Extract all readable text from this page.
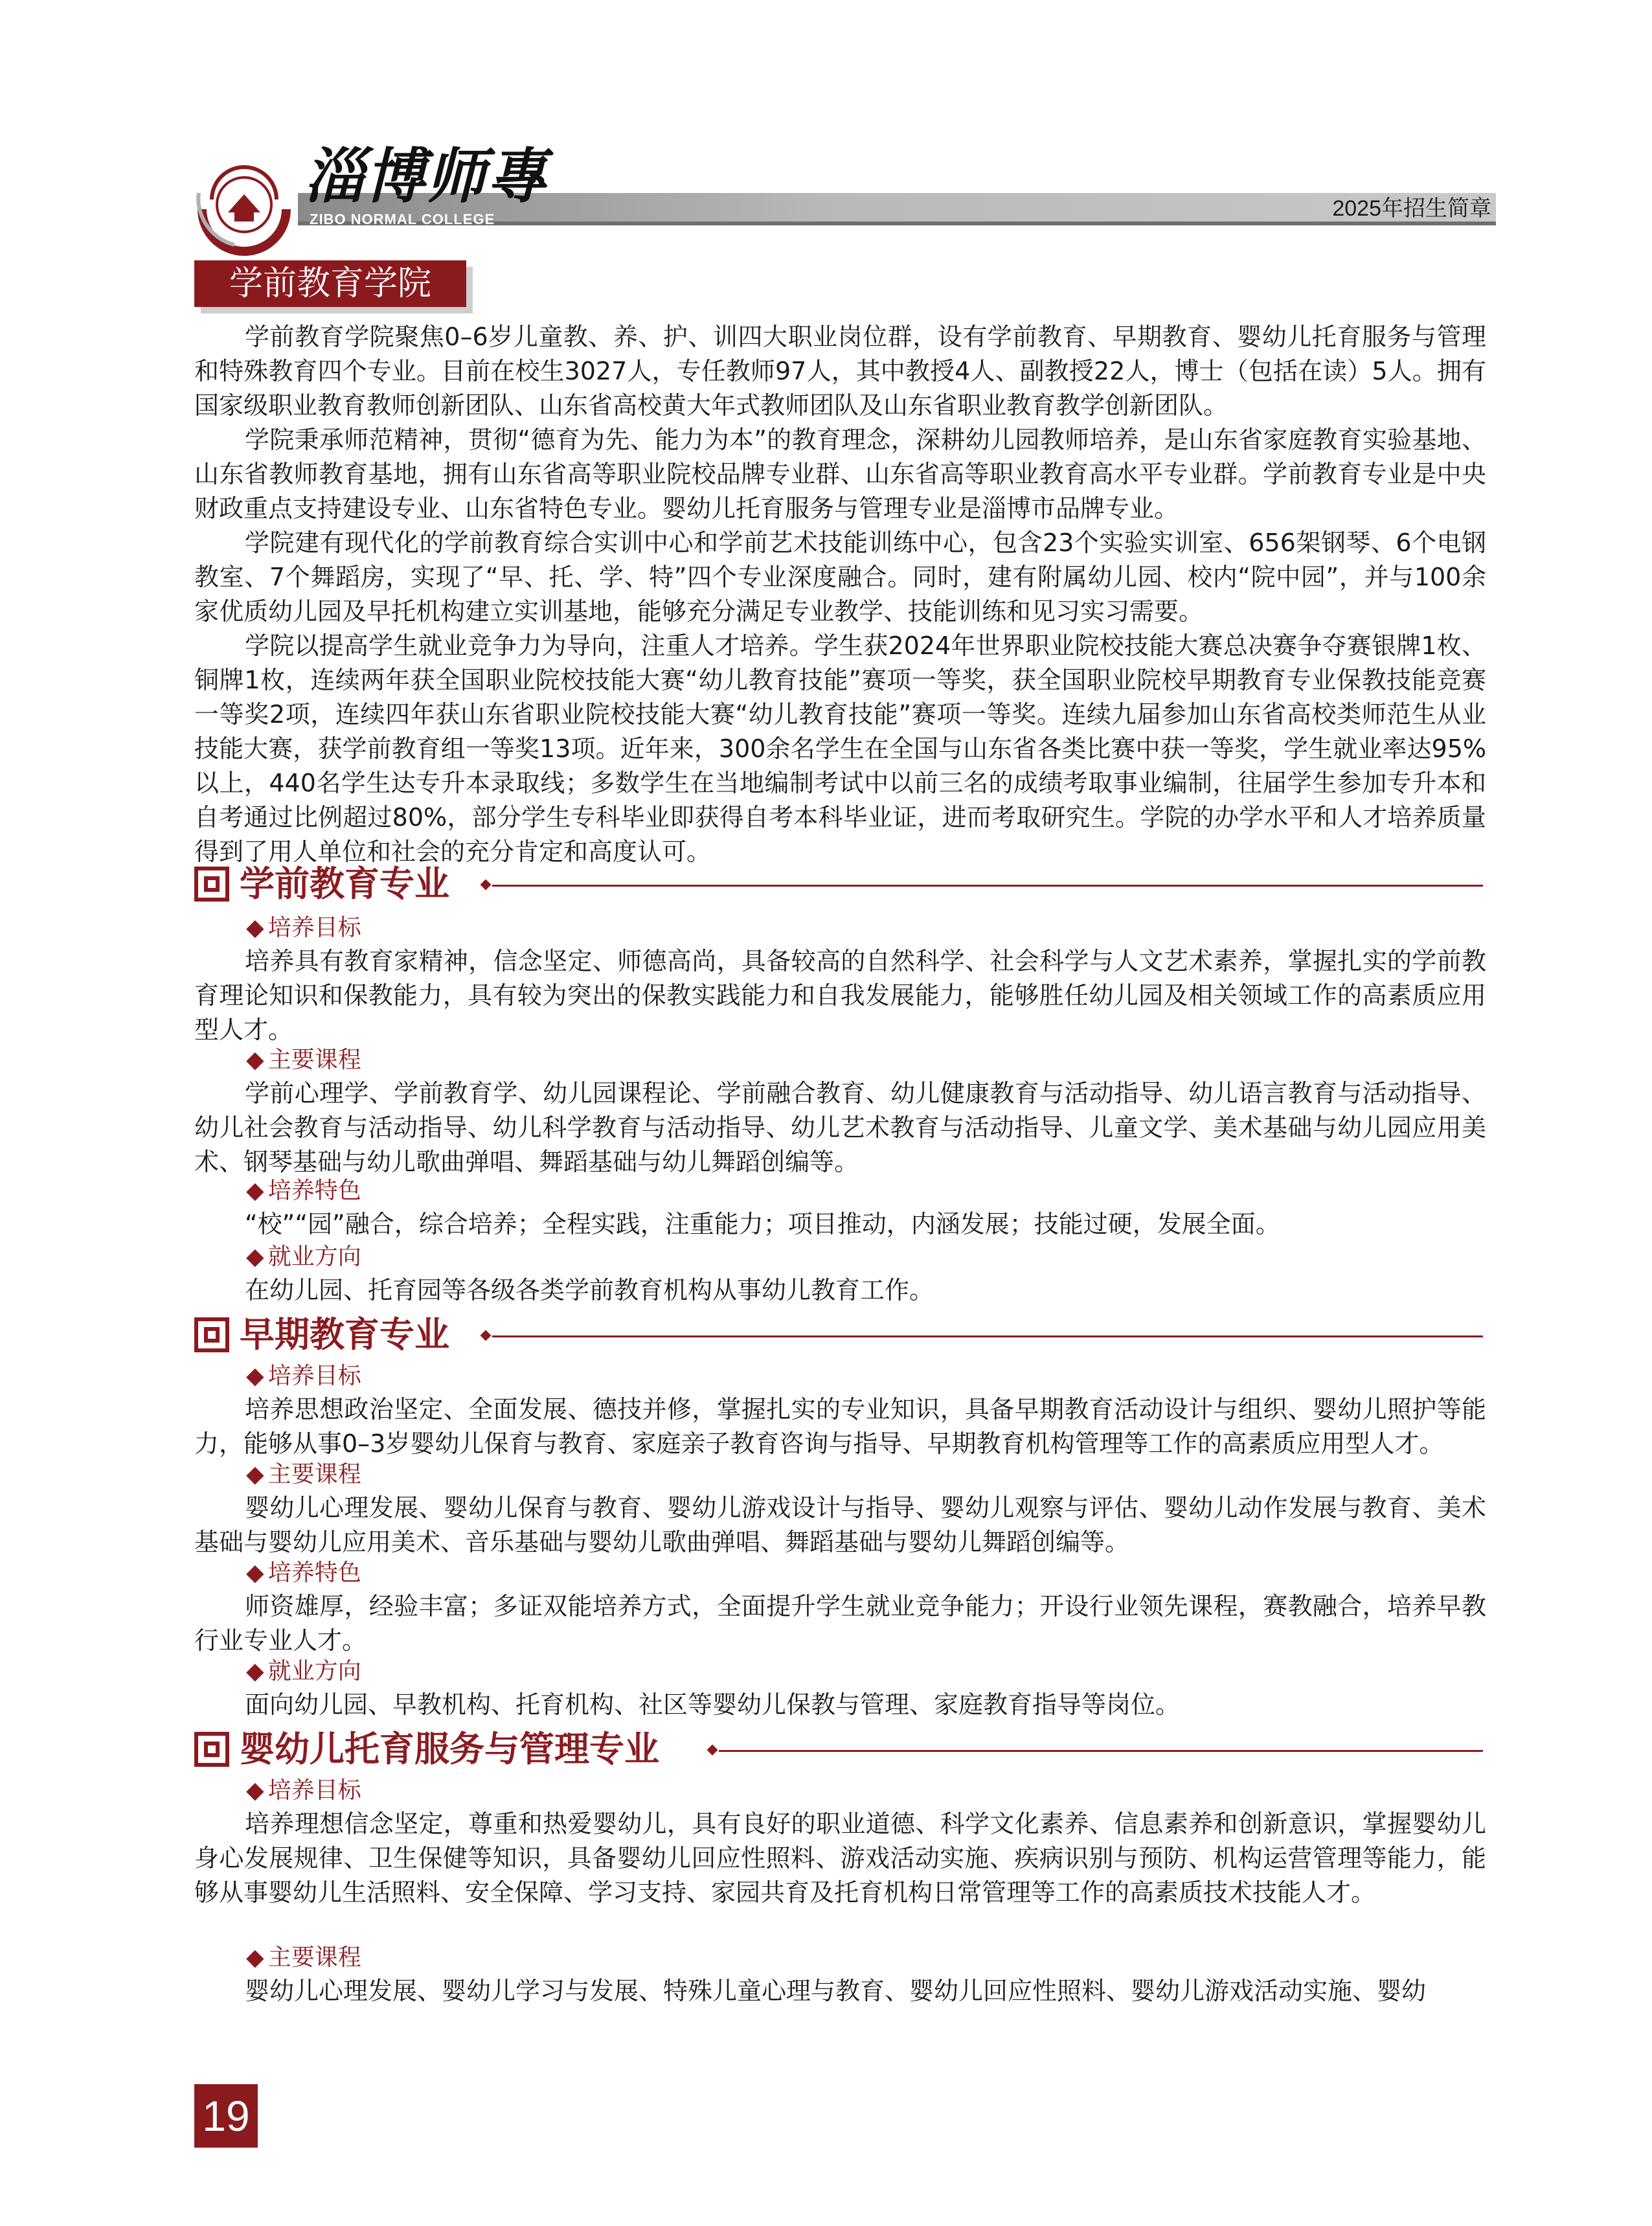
淄博师專
ZIBO NORMAL COLLEGE	2025年招生简章
学前教育学院

学前教育学院聚焦0–6岁儿童教、养、护、训四大职业岗位群，设有学前教育、早期教育、婴幼儿托育服务与管理和特殊教育四个专业。目前在校生3027人，专任教师97人，其中教授4人、副教授22人，博士（包括在读）5人。拥有国家级职业教育教师创新团队、山东省高校黄大年式教师团队及山东省职业教育教学创新团队。

学院秉承师范精神，贯彻“德育为先、能力为本”的教育理念，深耕幼儿园教师培养，是山东省家庭教育实验基地、山东省教师教育基地，拥有山东省高等职业院校品牌专业群、山东省高等职业教育高水平专业群。学前教育专业是中央财政重点支持建设专业、山东省特色专业。婴幼儿托育服务与管理专业是淄博市品牌专业。

学院建有现代化的学前教育综合实训中心和学前艺术技能训练中心，包含23个实验实训室、656架钢琴、6个电钢教室、7个舞蹈房，实现了“早、托、学、特”四个专业深度融合。同时，建有附属幼儿园、校内“院中园”，并与100余家优质幼儿园及早托机构建立实训基地，能够充分满足专业教学、技能训练和见习实习需要。

学院以提高学生就业竞争力为导向，注重人才培养。学生获2024年世界职业院校技能大赛总决赛争夺赛银牌1枚、铜牌1枚，连续两年获全国职业院校技能大赛“幼儿教育技能”赛项一等奖，获全国职业院校早期教育专业保教技能竞赛一等奖2项，连续四年获山东省职业院校技能大赛“幼儿教育技能”赛项一等奖。连续九届参加山东省高校类师范生从业技能大赛，获学前教育组一等奖13项。近年来，300余名学生在全国与山东省各类比赛中获一等奖，学生就业率达95%以上，440名学生达专升本录取线；多数学生在当地编制考试中以前三名的成绩考取事业编制，往届学生参加专升本和自考通过比例超过80%，部分学生专科毕业即获得自考本科毕业证，进而考取研究生。学院的办学水平和人才培养质量得到了用人单位和社会的充分肯定和高度认可。

学前教育专业
◆ 培养目标

培养具有教育家精神，信念坚定、师德高尚，具备较高的自然科学、社会科学与人文艺术素养，掌握扎实的学前教育理论知识和保教能力，具有较为突出的保教实践能力和自我发展能力，能够胜任幼儿园及相关领域工作的高素质应用型人才。

◆ 主要课程

学前心理学、学前教育学、幼儿园课程论、学前融合教育、幼儿健康教育与活动指导、幼儿语言教育与活动指导、幼儿社会教育与活动指导、幼儿科学教育与活动指导、幼儿艺术教育与活动指导、儿童文学、美术基础与幼儿园应用美术、钢琴基础与幼儿歌曲弹唱、舞蹈基础与幼儿舞蹈创编等。

◆ 培养特色

“校”“园”融合，综合培养；全程实践，注重能力；项目推动，内涵发展；技能过硬，发展全面。

◆ 就业方向

在幼儿园、托育园等各级各类学前教育机构从事幼儿教育工作。

早期教育专业
◆ 培养目标

培养思想政治坚定、全面发展、德技并修，掌握扎实的专业知识，具备早期教育活动设计与组织、婴幼儿照护等能力，能够从事0–3岁婴幼儿保育与教育、家庭亲子教育咨询与指导、早期教育机构管理等工作的高素质应用型人才。

◆ 主要课程

婴幼儿心理发展、婴幼儿保育与教育、婴幼儿游戏设计与指导、婴幼儿观察与评估、婴幼儿动作发展与教育、美术基础与婴幼儿应用美术、音乐基础与婴幼儿歌曲弹唱、舞蹈基础与婴幼儿舞蹈创编等。

◆ 培养特色

师资雄厚，经验丰富；多证双能培养方式，全面提升学生就业竞争能力；开设行业领先课程，赛教融合，培养早教行业专业人才。

◆ 就业方向

面向幼儿园、早教机构、托育机构、社区等婴幼儿保教与管理、家庭教育指导等岗位。

婴幼儿托育服务与管理专业
◆ 培养目标

培养理想信念坚定，尊重和热爱婴幼儿，具有良好的职业道德、科学文化素养、信息素养和创新意识，掌握婴幼儿身心发展规律、卫生保健等知识，具备婴幼儿回应性照料、游戏活动实施、疾病识别与预防、机构运营管理等能力，能够从事婴幼儿生活照料、安全保障、学习支持、家园共育及托育机构日常管理等工作的高素质技术技能人才。

◆ 主要课程

婴幼儿心理发展、婴幼儿学习与发展、特殊儿童心理与教育、婴幼儿回应性照料、婴幼儿游戏活动实施、婴幼

19
